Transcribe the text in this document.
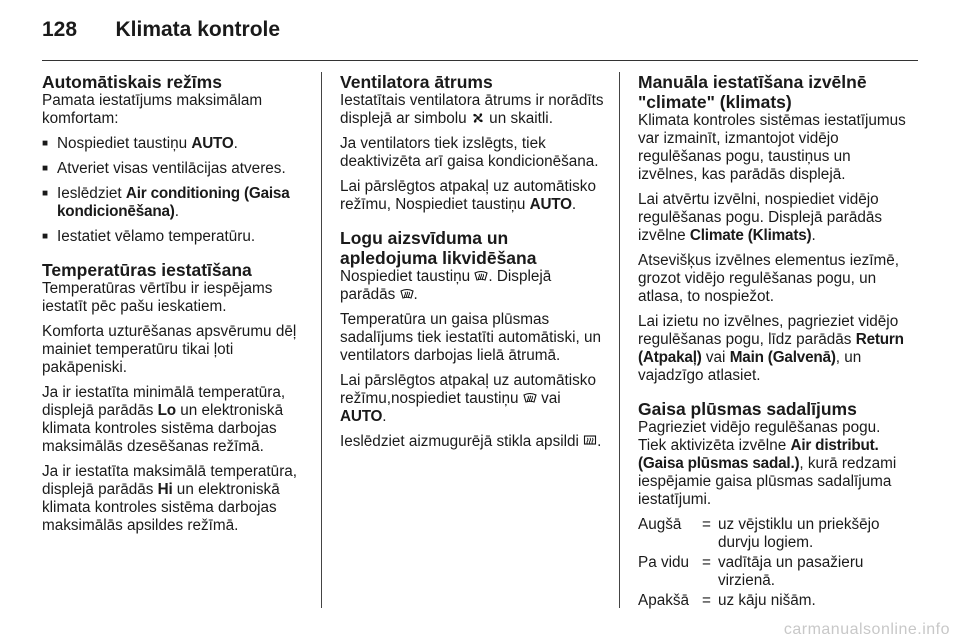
128 Klimata kontrole
Automātiskais režīms

Pamata iestatījums maksimālam komfortam:

■ Nospiediet taustiņu AUTO.
■ Atveriet visas ventilācijas atveres.
■ Ieslēdziet Air conditioning (Gaisa kondicionēšana).
■ Iestatiet vēlamo temperatūru.
Temperatūras iestatīšana

Temperatūras vērtību ir iespējams iestatīt pēc pašu ieskatiem.

Komforta uzturēšanas apsvērumu dēļ mainiet temperatūru tikai ļoti pakāpeniski.

Ja ir iestatīta minimālā temperatūra, displejā parādās Lo un elektroniskā klimata kontroles sistēma darbojas maksimālās dzesēšanas režīmā.

Ja ir iestatīta maksimālā temperatūra, displejā parādās Hi un elektroniskā klimata kontroles sistēma darbojas maksimālās apsildes režīmā.

Ventilatora ātrums

Iestatītais ventilatora ātrums ir norādīts displejā ar simbolu
un skaitli.

Ja ventilators tiek izslēgts, tiek deaktivizēta arī gaisa kondicionēšana.

Lai pārslēgtos atpakaļ uz automātisko režīmu, Nospiediet taustiņu AUTO.

Logu aizsvīduma un apledojuma likvidēšana

Nospiediet taustiņu
. Displejā parādās
.

Temperatūra un gaisa plūsmas sadalījums tiek iestatīti automātiski, un ventilators darbojas lielā ātrumā.

Lai pārslēgtos atpakaļ uz automātisko režīmu,nospiediet taustiņu
vai AUTO.

Ieslēdziet aizmugurējā stikla apsildi
.

Manuāla iestatīšana izvēlnē "climate" (klimats)

Klimata kontroles sistēmas iestatījumus var izmainīt, izmantojot vidējo regulēšanas pogu, taustiņus un izvēlnes, kas parādās displejā.

Lai atvērtu izvēlni, nospiediet vidējo regulēšanas pogu. Displejā parādās izvēlne Climate (Klimats).

Atsevišķus izvēlnes elementus iezīmē, grozot vidējo regulēšanas pogu, un atlasa, to nospiežot.

Lai izietu no izvēlnes, pagrieziet vidējo regulēšanas pogu, līdz parādās Return (Atpakaļ) vai Main (Galvenā), un vajadzīgo atlasiet.

Gaisa plūsmas sadalījums

Pagrieziet vidējo regulēšanas pogu. Tiek aktivizēta izvēlne Air distribut. (Gaisa plūsmas sadal.), kurā redzami iespējamie gaisa plūsmas sadalījuma iestatījumi.

Augšā	=	uz vējstiklu un priekšējo durvju logiem.
Pa vidu	=	vadītāja un pasažieru virzienā.
Apakšā	=	uz kāju nišām.
carmanualsonline.info
